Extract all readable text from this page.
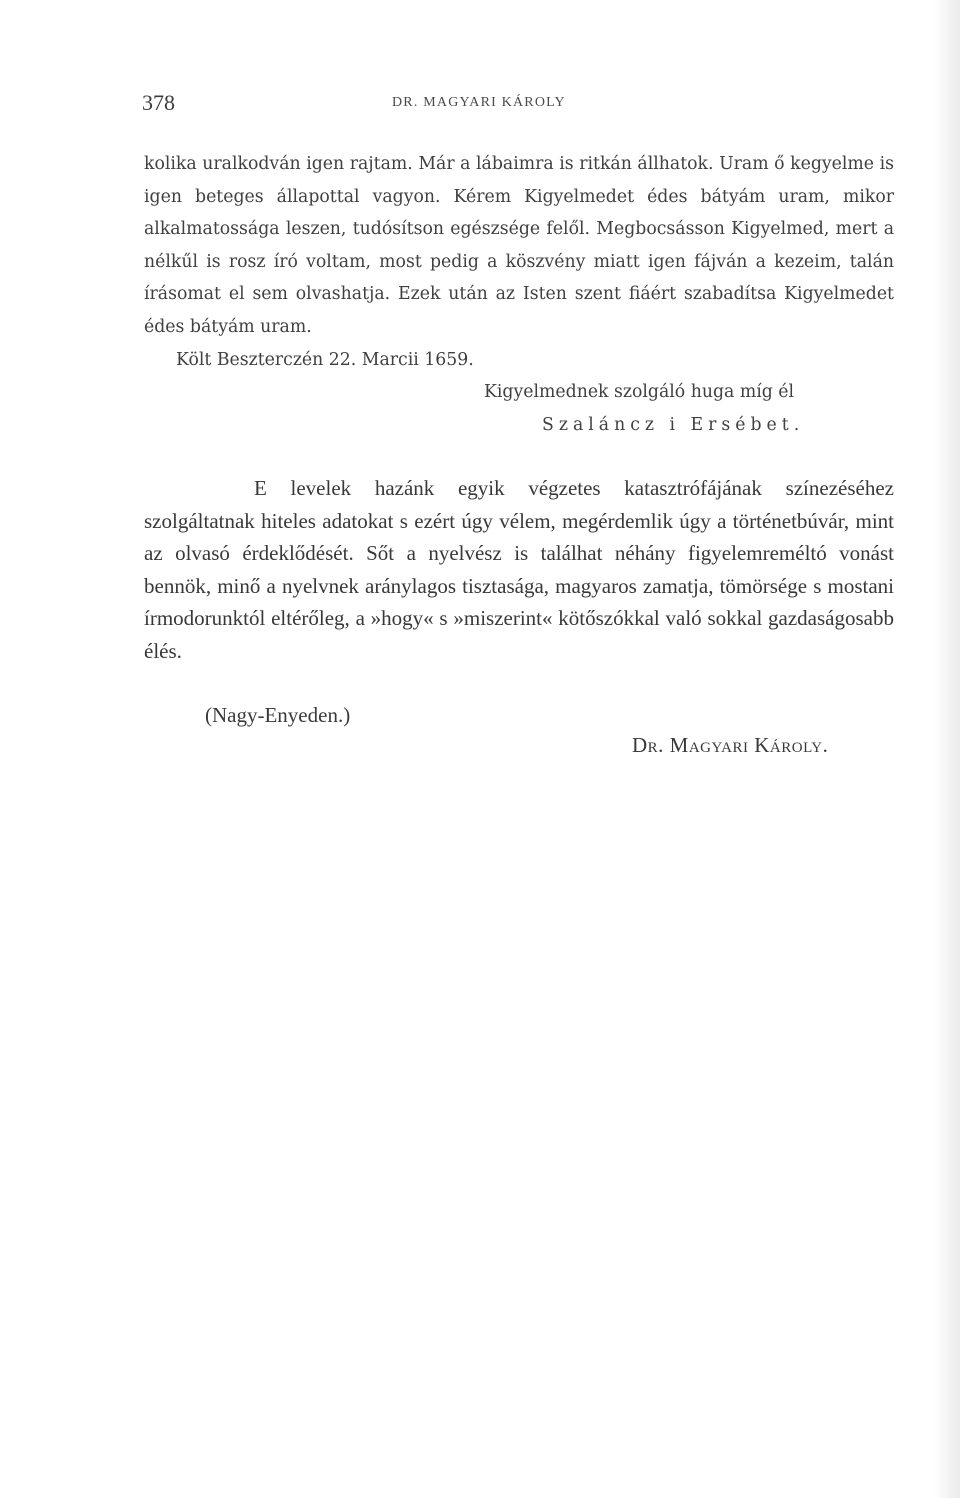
378	DR. MAGYARI KÁROLY

kolika uralkodván igen rajtam. Már a lábaimra is ritkán állhatok. Uram ő kegyelme is igen beteges állapottal vagyon. Kérem Kigyelmedet édes bátyám uram, mikor alkalmatossága leszen, tudósítson egészsége felől. Megbocsásson Kigyelmed, mert a nélkűl is rosz író voltam, most pedig a köszvény miatt igen fájván a kezeim, talán írásomat el sem olvashatja. Ezek után az Isten szent fiáért szabadítsa Kigyelmedet édes bátyám uram.

Költ Beszterczén 22. Marcii 1659.

Kigyelmednek szolgáló huga míg él

Szaláncz i Ersébet.

E levelek hazánk egyik végzetes katasztrófájának színezéséhez szolgáltatnak hiteles adatokat s ezért úgy vélem, megérdemlik úgy a történetbúvár, mint az olvasó érdeklődését. Sőt a nyelvész is találhat néhány figyelemreméltó vonást bennök, minő a nyelvnek aránylagos tisztasága, magyaros zamatja, tömörsége s mostani írmodorunktól eltérőleg, a »hogy« s »miszerint« kötőszókkal való sokkal gazdaságosabb élés.

(Nagy-Enyeden.)
Dr. Magyari Károly.
